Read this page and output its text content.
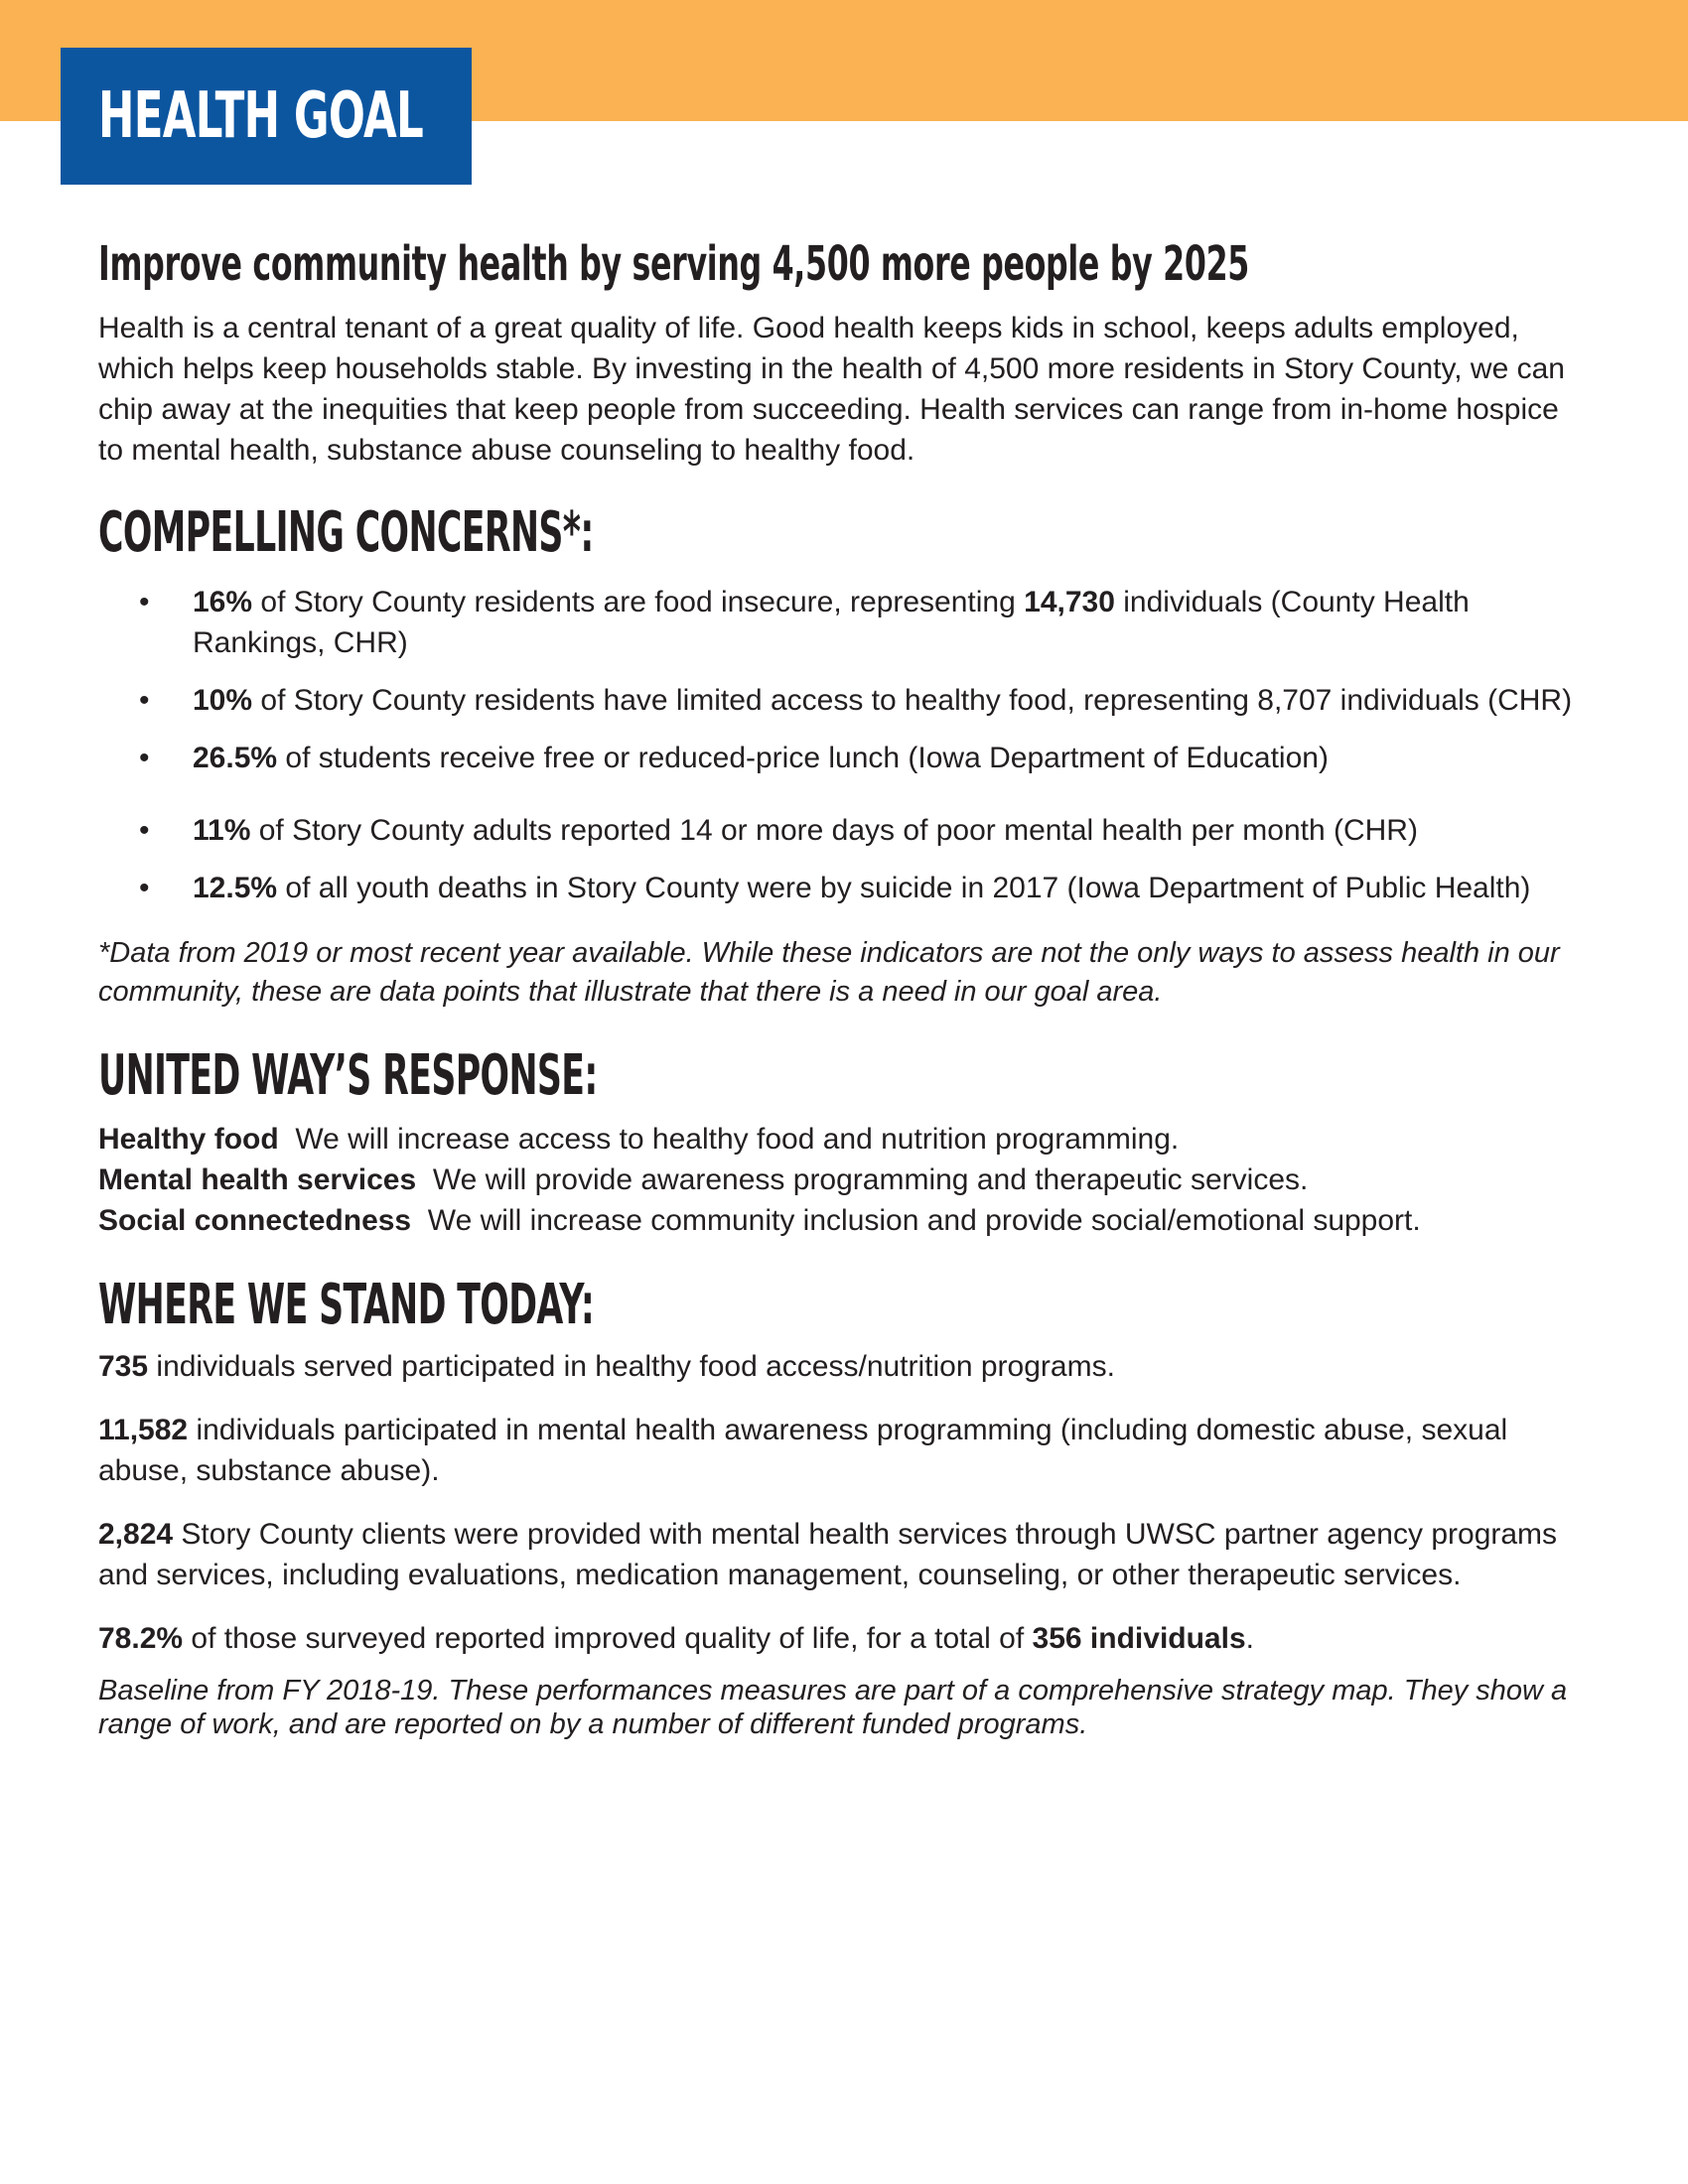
HEALTH GOAL
Improve community health by serving 4,500 more people by 2025

Health is a central tenant of a great quality of life. Good health keeps kids in school, keeps adults employed, which helps keep households stable. By investing in the health of 4,500 more residents in Story County, we can chip away at the inequities that keep people from succeeding. Health services can range from in-home hospice to mental health, substance abuse counseling to healthy food.

COMPELLING CONCERNS*:
• 16% of Story County residents are food insecure, representing 14,730 individuals (County Health Rankings, CHR)
• 10% of Story County residents have limited access to healthy food, representing 8,707 individuals (CHR)
• 26.5% of students receive free or reduced-price lunch (Iowa Department of Education)
• 11% of Story County adults reported 14 or more days of poor mental health per month (CHR)
• 12.5% of all youth deaths in Story County were by suicide in 2017 (Iowa Department of Public Health)

*Data from 2019 or most recent year available. While these indicators are not the only ways to assess health in our community, these are data points that illustrate that there is a need in our goal area.

UNITED WAY’S RESPONSE:

Healthy food  We will increase access to healthy food and nutrition programming.

Mental health services  We will provide awareness programming and therapeutic services.

Social connectedness  We will increase community inclusion and provide social/emotional support.

WHERE WE STAND TODAY:

735 individuals served participated in healthy food access/nutrition programs.

11,582 individuals participated in mental health awareness programming (including domestic abuse, sexual abuse, substance abuse).

2,824 Story County clients were provided with mental health services through UWSC partner agency programs and services, including evaluations, medication management, counseling, or other therapeutic services.

78.2% of those surveyed reported improved quality of life, for a total of 356 individuals.

Baseline from FY 2018-19. These performances measures are part of a comprehensive strategy map. They show a range of work, and are reported on by a number of different funded programs.
